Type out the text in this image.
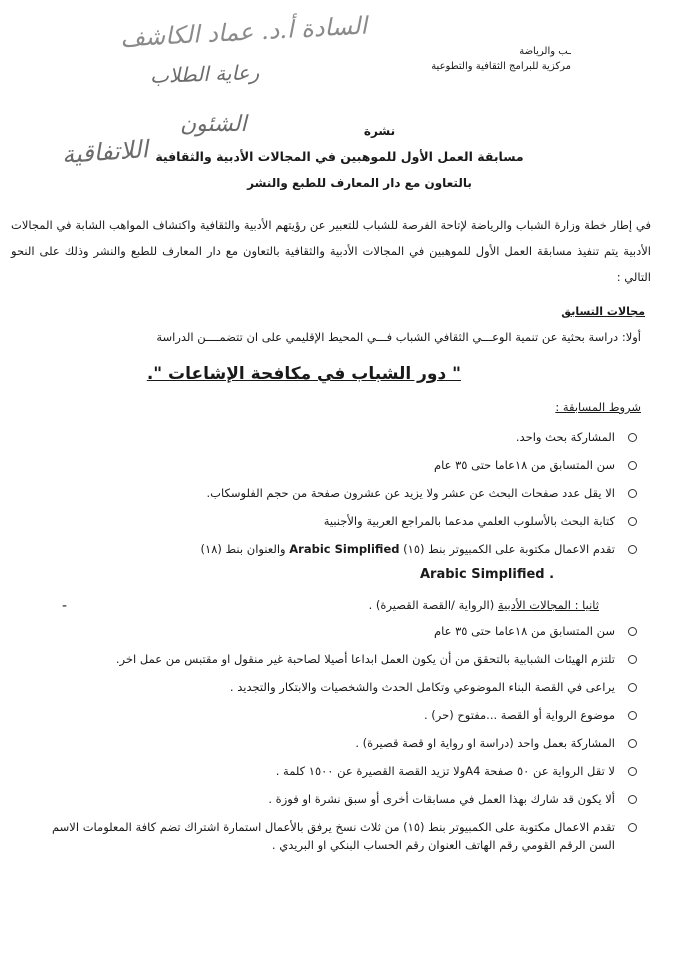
السادة أ.د. عماد الكاشف
رعاية الطلاب
الشئون
اللاتفاقية
ـب والرياضة
مركزية للبرامج الثقافية والتطوعية
نشرة
مسابقة العمل الأول للموهبين في المجالات الأدبية والثقافية
بالتعاون مع دار المعارف للطبع والنشر
في إطار خطة وزارة الشباب والرياضة لإتاحة الفرصة للشباب للتعبير عن رؤيتهم الأدبية والثقافية واكتشاف المواهب الشابة في المجالات الأدبية يتم تنفيذ مسابقة العمل الأول للموهبين في المجالات الأدبية والثقافية بالتعاون مع دار المعارف للطبع والنشر وذلك على النحو التالي :
مجالات التسابق
أولا: دراسة بحثية عن تنمية الوعـــي الثقافي الشباب فـــي المحيط الإقليمي على ان تتضمــــن الدراسة
" دور الشباب في مكافحة الإشاعات ".
شروط المسابقة :
المشاركة بحث واحد.
سن المتسابق من ١٨عاما حتى ٣٥ عام
الا يقل عدد صفحات البحث عن عشر ولا يزيد عن عشرون صفحة من حجم الفلوسكاب.
كتابة البحث بالأسلوب العلمي مدعما بالمراجع العربية والأجنبية
تقدم الاعمال مكتوبة على الكمبيوتر بنط (١٥) Arabic Simplified والعنوان بنط (١٨)
Arabic Simplified .
-	ثانيا : المجالات الأدبية (الرواية /القصة القصيرة) .
سن المتسابق من ١٨عاما حتى ٣٥ عام
تلتزم الهيئات الشبابية بالتحقق من أن يكون العمل ابداعا أصيلا لصاحبة غير منقول او مقتبس من عمل اخر.
يراعى في القصة البناء الموضوعي وتكامل الحدث والشخصيات والابتكار والتجديد .
موضوع الرواية أو القصة ...مفتوح (حر) .
المشاركة بعمل واحد (دراسة او رواية او قصة قصيرة) .
لا تقل الرواية عن ٥٠ صفحة A4ولا تزيد القصة القصيرة عن ١٥٠٠ كلمة .
ألا يكون قد شارك بهذا العمل في مسابقات أخرى أو سبق نشرة او فوزة .
تقدم الاعمال مكتوبة على الكمبيوتر بنط (١٥) من ثلاث نسخ يرفق بالأعمال استمارة اشتراك تضم كافة المعلومات الاسم السن الرقم القومي رقم الهاتف العنوان رقم الحساب البنكي او البريدي .
